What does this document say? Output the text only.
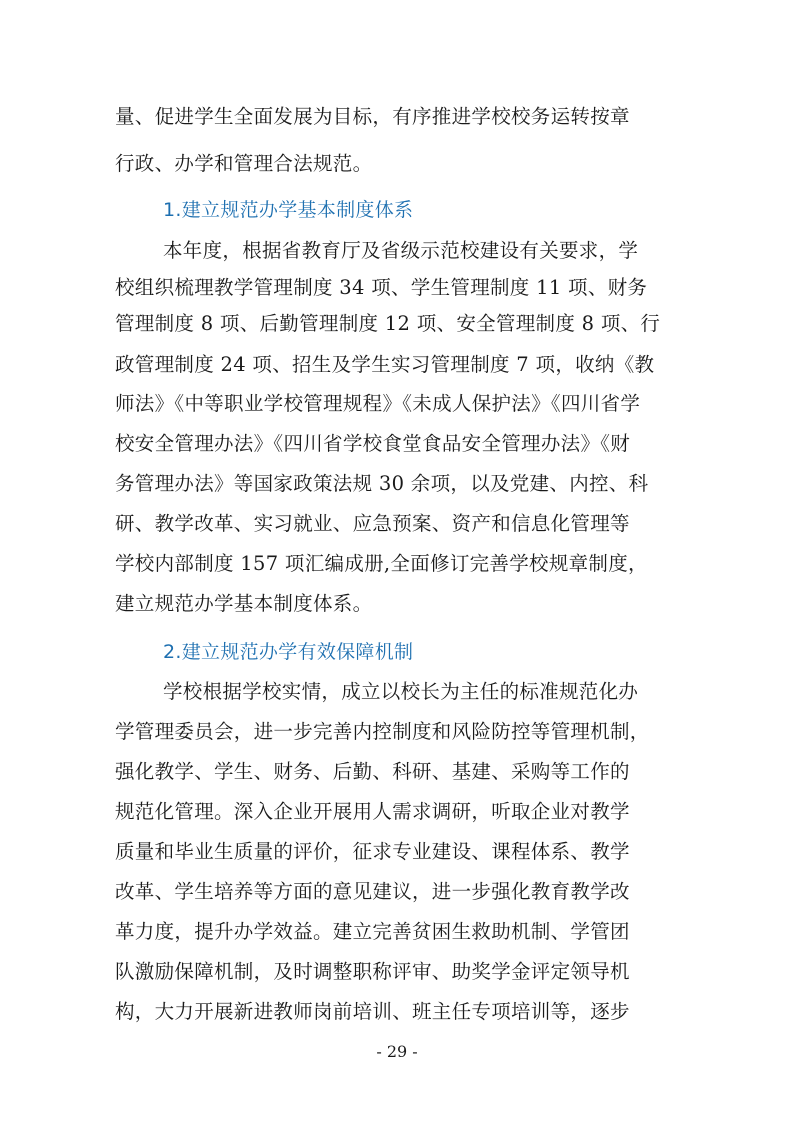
量、促进学生全面发展为目标，有序推进学校校务运转按章
行政、办学和管理合法规范。
1.建立规范办学基本制度体系
本年度，根据省教育厅及省级示范校建设有关要求，学
校组织梳理教学管理制度 34 项、学生管理制度 11 项、财务
管理制度 8 项、后勤管理制度 12 项、安全管理制度 8 项、行
政管理制度 24 项、招生及学生实习管理制度 7 项，收纳《教
师法》《中等职业学校管理规程》《未成人保护法》《四川省学
校安全管理办法》《四川省学校食堂食品安全管理办法》《财
务管理办法》等国家政策法规 30 余项，以及党建、内控、科
研、教学改革、实习就业、应急预案、资产和信息化管理等
学校内部制度 157 项汇编成册,全面修订完善学校规章制度，
建立规范办学基本制度体系。
2.建立规范办学有效保障机制
学校根据学校实情，成立以校长为主任的标准规范化办
学管理委员会，进一步完善内控制度和风险防控等管理机制，
强化教学、学生、财务、后勤、科研、基建、采购等工作的
规范化管理。深入企业开展用人需求调研，听取企业对教学
质量和毕业生质量的评价，征求专业建设、课程体系、教学
改革、学生培养等方面的意见建议，进一步强化教育教学改
革力度，提升办学效益。建立完善贫困生救助机制、学管团
队激励保障机制，及时调整职称评审、助奖学金评定领导机
构，大力开展新进教师岗前培训、班主任专项培训等，逐步
- 29 -
